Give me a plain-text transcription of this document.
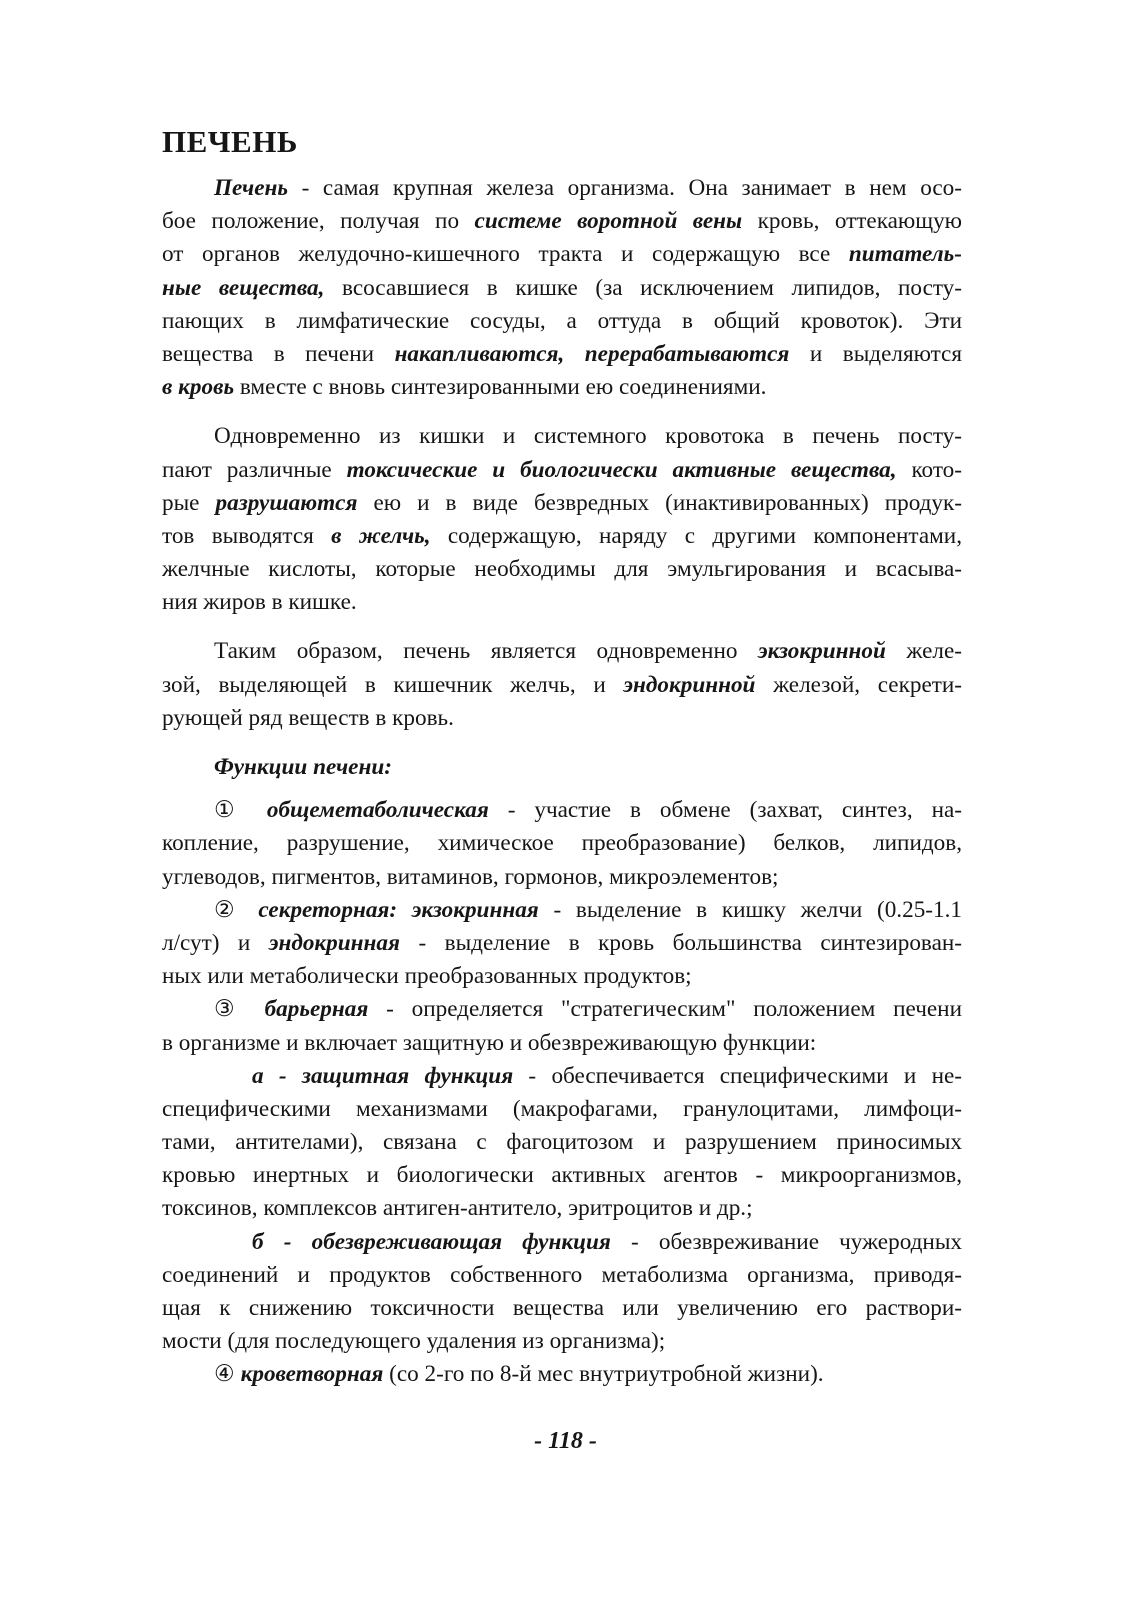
ПЕЧЕНЬ
Печень - самая крупная железа организма. Она занимает в нем осо-
бое положение, получая по системе воротной вены кровь, оттекающую
от органов желудочно-кишечного тракта и содержащую все питатель-
ные вещества, всосавшиеся в кишке (за исключением липидов, посту-
пающих в лимфатические сосуды, а оттуда в общий кровоток). Эти
вещества в печени накапливаются, перерабатываются и выделяются
в кровь вместе с вновь синтезированными ею соединениями.
Одновременно из кишки и системного кровотока в печень посту-
пают различные токсические и биологически активные вещества, кото-
рые разрушаются ею и в виде безвредных (инактивированных) продук-
тов выводятся в желчь, содержащую, наряду с другими компонентами,
желчные кислоты, которые необходимы для эмульгирования и всасыва-
ния жиров в кишке.
Таким образом, печень является одновременно экзокринной желе-
зой, выделяющей в кишечник желчь, и эндокринной железой, секрети-
рующей ряд веществ в кровь.
Функции печени:
① общеметаболическая - участие в обмене (захват, синтез, на-
копление, разрушение, химическое преобразование) белков, липидов,
углеводов, пигментов, витаминов, гормонов, микроэлементов;
② секреторная: экзокринная - выделение в кишку желчи (0.25-1.1
л/сут) и эндокринная - выделение в кровь большинства синтезирован-
ных или метаболически преобразованных продуктов;
③ барьерная - определяется "стратегическим" положением печени
в организме и включает защитную и обезвреживающую функции:
а - защитная функция - обеспечивается специфическими и не-
специфическими механизмами (макрофагами, гранулоцитами, лимфоци-
тами, антителами), связана с фагоцитозом и разрушением приносимых
кровью инертных и биологически активных агентов - микроорганизмов,
токсинов, комплексов антиген-антитело, эритроцитов и др.;
б - обезвреживающая функция - обезвреживание чужеродных
соединений и продуктов собственного метаболизма организма, приводя-
щая к снижению токсичности вещества или увеличению его раствори-
мости (для последующего удаления из организма);
④ кроветворная (со 2-го по 8-й мес внутриутробной жизни).
- 118 -
